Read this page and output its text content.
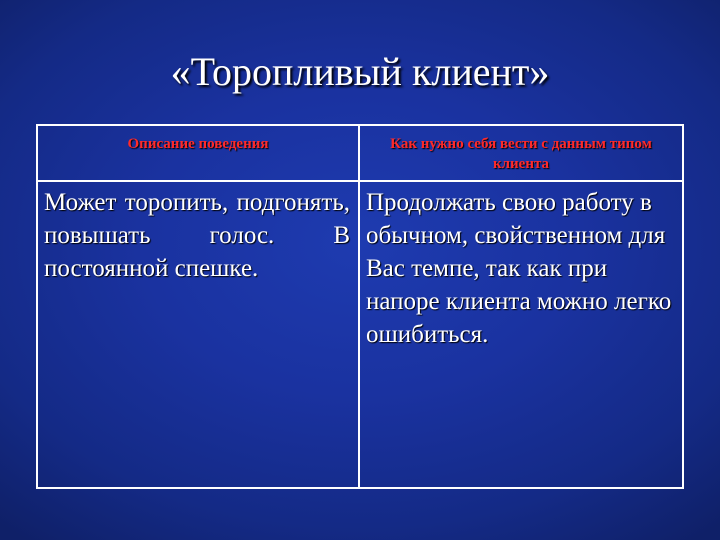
«Торопливый клиент»
Описание поведения	Как нужно себя вести с данным типом клиента
Может торопить, подгонять, повышать голос. В постоянной спешке.
Продолжать свою работу в обычном, свойственном для Вас темпе, так как при напоре клиента можно легко ошибиться.
